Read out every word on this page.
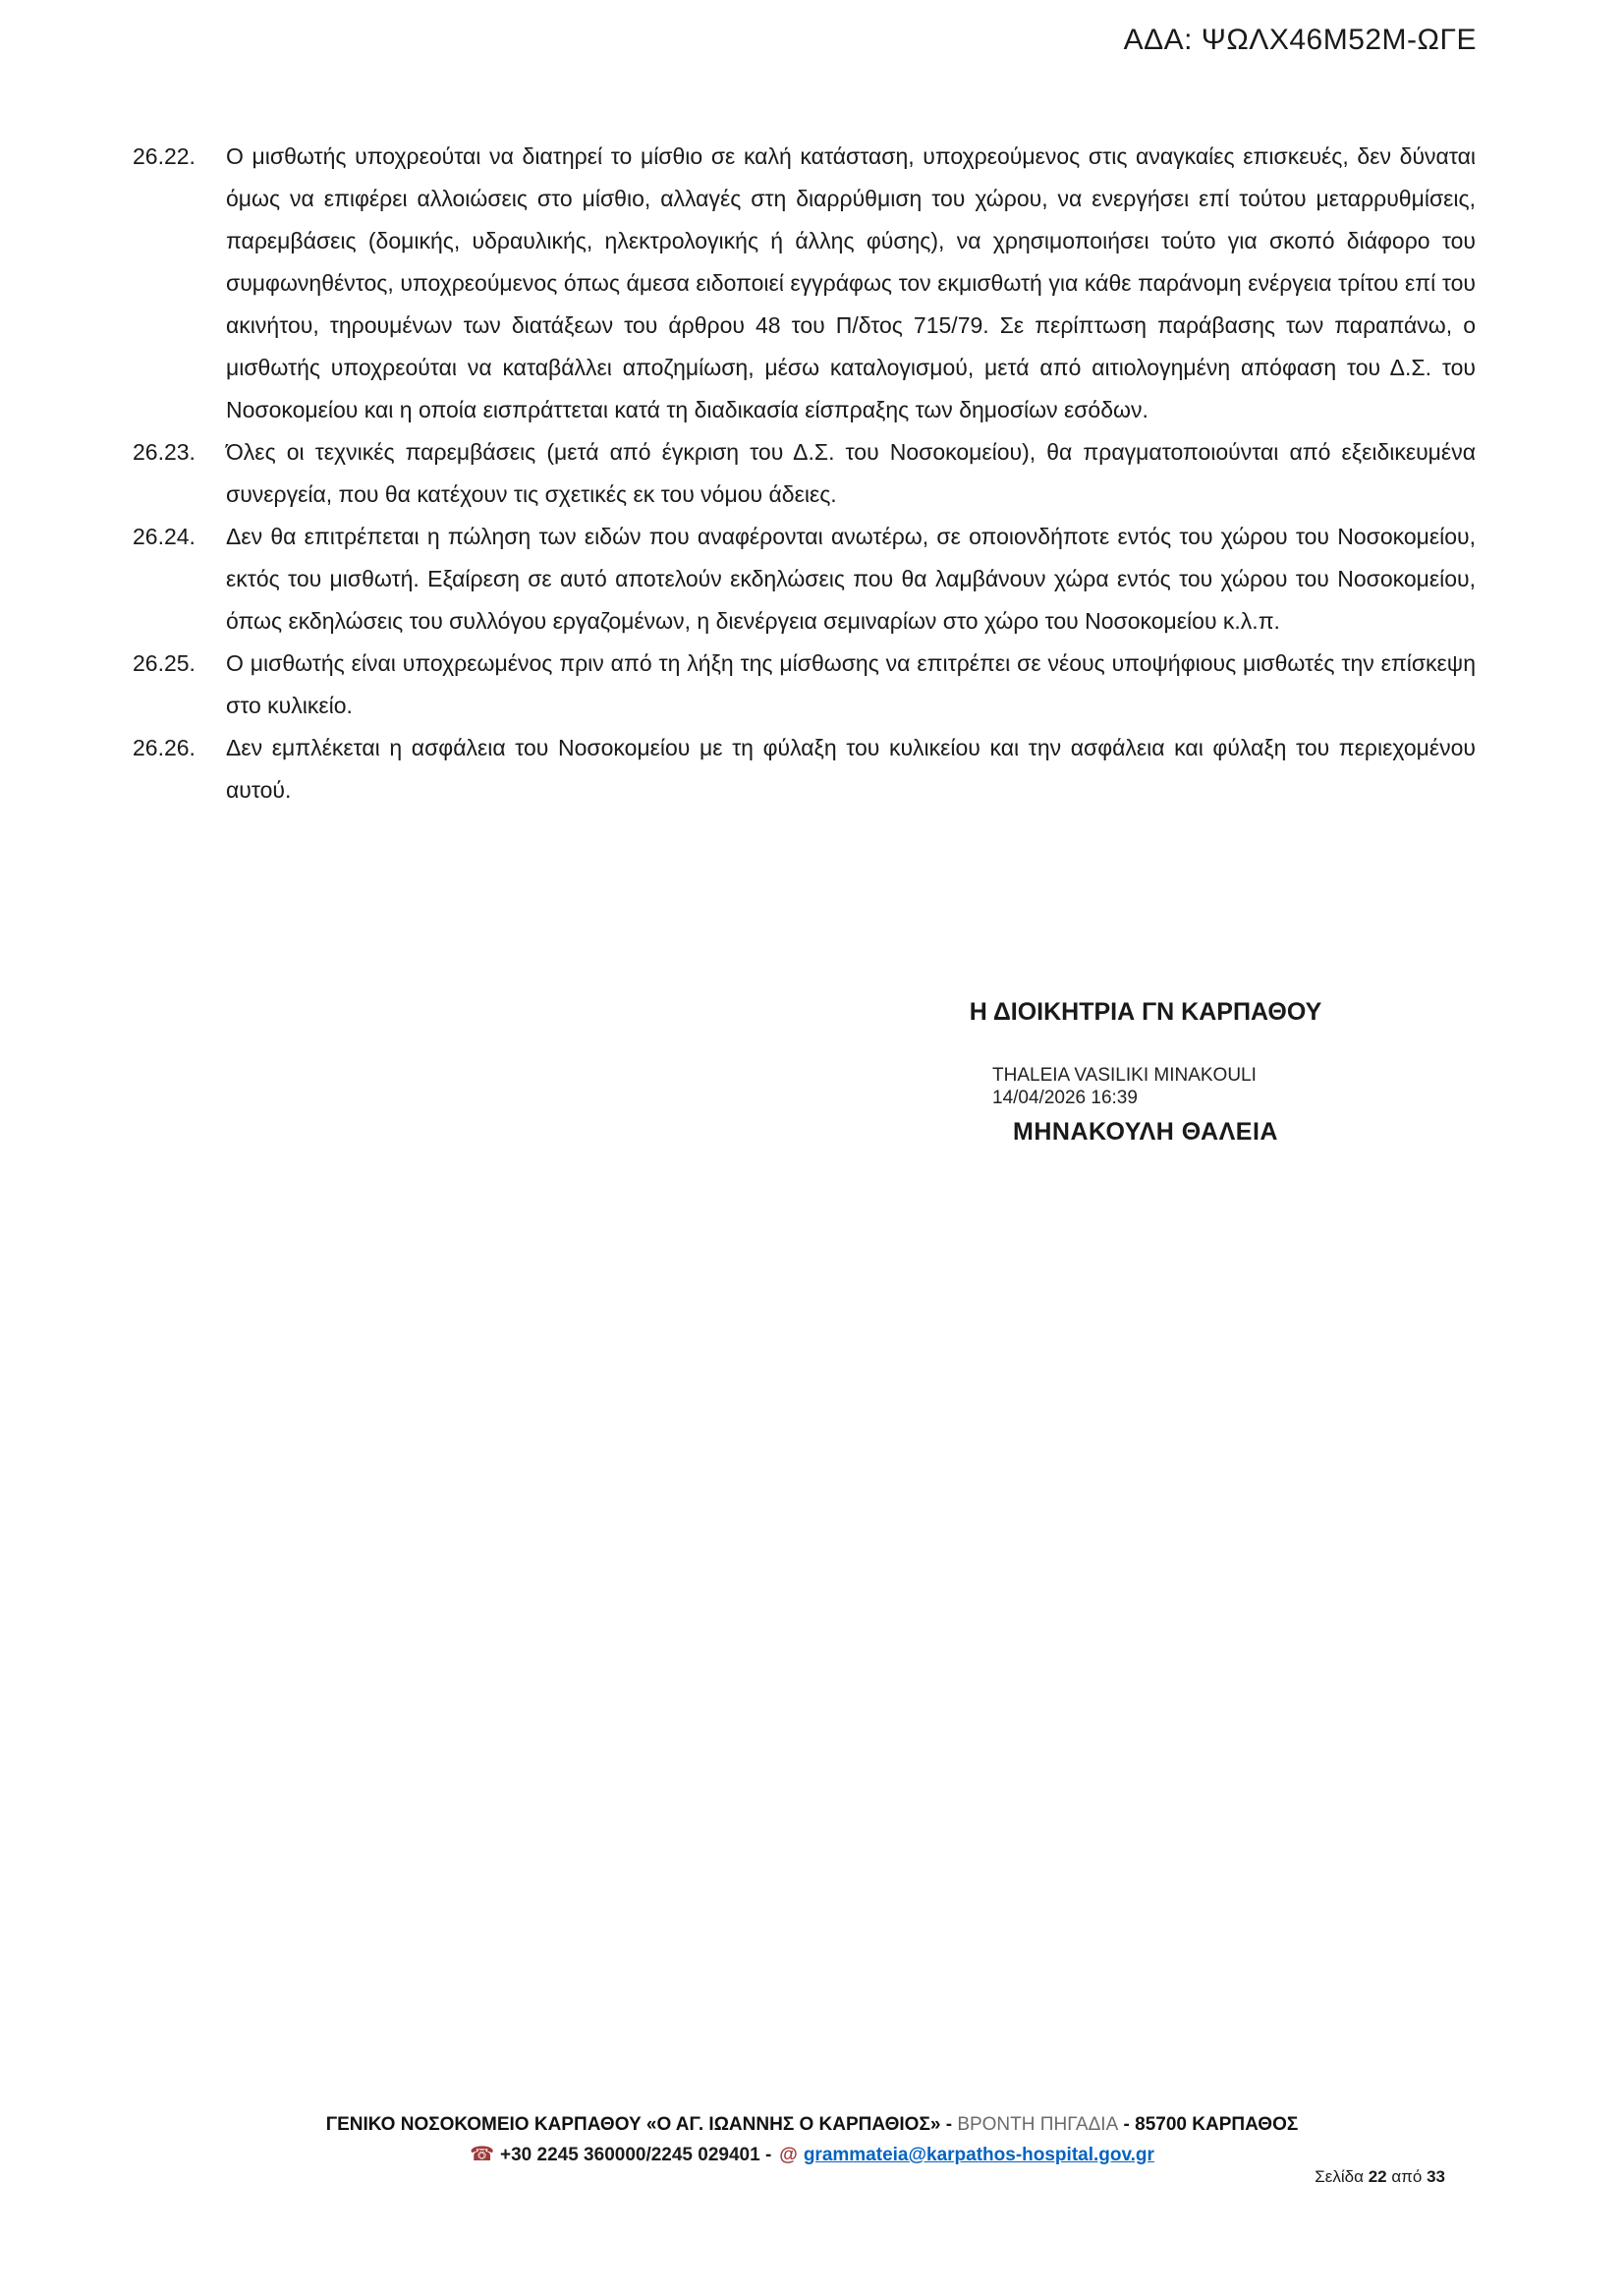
ΑΔΑ: ΨΩΛΧ46Μ52Μ-ΩΓΕ
26.22.	Ο μισθωτής υποχρεούται να διατηρεί το μίσθιο σε καλή κατάσταση, υποχρεούμενος στις αναγκαίες επισκευές, δεν δύναται όμως να επιφέρει αλλοιώσεις στο μίσθιο, αλλαγές στη διαρρύθμιση του χώρου, να ενεργήσει επί τούτου μεταρρυθμίσεις, παρεμβάσεις (δομικής, υδραυλικής, ηλεκτρολογικής ή άλλης φύσης), να χρησιμοποιήσει τούτο για σκοπό διάφορο του συμφωνηθέντος, υποχρεούμενος όπως άμεσα ειδοποιεί εγγράφως τον εκμισθωτή για κάθε παράνομη ενέργεια τρίτου επί του ακινήτου, τηρουμένων των διατάξεων του άρθρου 48 του Π/δτος 715/79. Σε περίπτωση παράβασης των παραπάνω, ο μισθωτής υποχρεούται να καταβάλλει αποζημίωση, μέσω καταλογισμού, μετά από αιτιολογημένη απόφαση του Δ.Σ. του Νοσοκομείου και η οποία εισπράττεται κατά τη διαδικασία είσπραξης των δημοσίων εσόδων.
26.23.	Όλες οι τεχνικές παρεμβάσεις (μετά από έγκριση του Δ.Σ. του Νοσοκομείου), θα πραγματοποιούνται από εξειδικευμένα συνεργεία, που θα κατέχουν τις σχετικές εκ του νόμου άδειες.
26.24.	Δεν θα επιτρέπεται η πώληση των ειδών που αναφέρονται ανωτέρω, σε οποιονδήποτε εντός του χώρου του Νοσοκομείου, εκτός του μισθωτή. Εξαίρεση σε αυτό αποτελούν εκδηλώσεις που θα λαμβάνουν χώρα εντός του χώρου του Νοσοκομείου, όπως εκδηλώσεις του συλλόγου εργαζομένων, η διενέργεια σεμιναρίων στο χώρο του Νοσοκομείου κ.λ.π.
26.25.	Ο μισθωτής είναι υποχρεωμένος πριν από τη λήξη της μίσθωσης να επιτρέπει σε νέους υποψήφιους μισθωτές την επίσκεψη στο κυλικείο.
26.26.	Δεν εμπλέκεται η ασφάλεια του Νοσοκομείου με τη φύλαξη του κυλικείου και την ασφάλεια και φύλαξη του περιεχομένου αυτού.
Η ΔΙΟΙΚΗΤΡΙΑ ΓΝ ΚΑΡΠΑΘΟΥ
THALEIA VASILIKI MINAKOULI
14/04/2026 16:39
ΜΗΝΑΚΟΥΛΗ ΘΑΛΕΙΑ
ΓΕΝΙΚΟ ΝΟΣΟΚΟΜΕΙΟ ΚΑΡΠΑΘΟΥ «Ο ΑΓ. ΙΩΑΝΝΗΣ Ο ΚΑΡΠΑΘΙΟΣ» - ΒΡΟΝΤΗ ΠΗΓΑΔΙΑ - 85700 ΚΑΡΠΑΘΟΣ
☎ +30 2245 360000/2245 029401 - @ grammateia@karpathos-hospital.gov.gr
Σελίδα 22 από 33
